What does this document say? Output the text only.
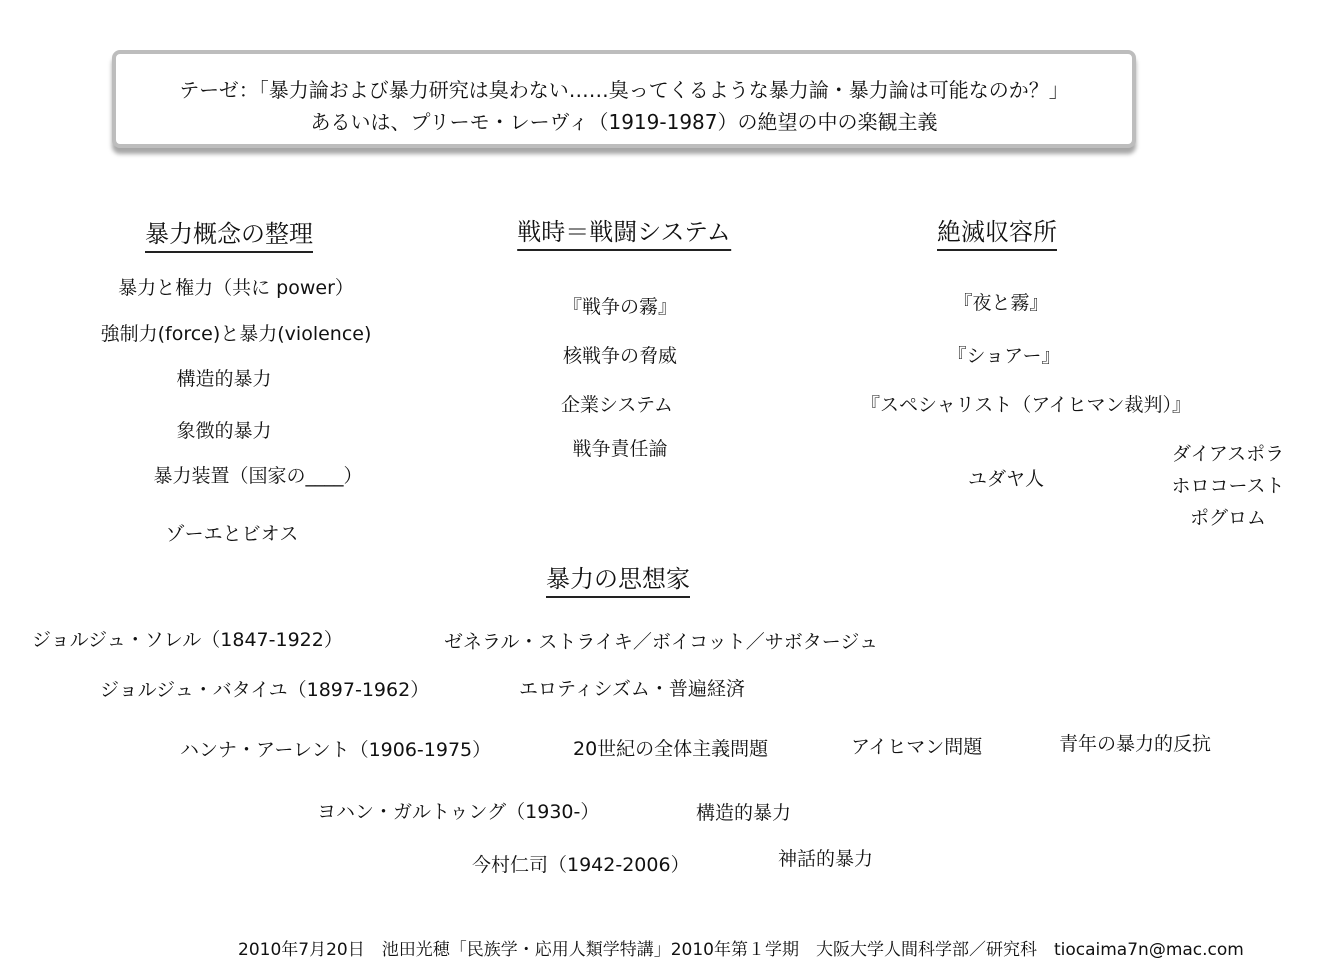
テーゼ：「暴力論および暴力研究は臭わない……臭ってくるような暴力論・暴力論は可能なのか？」
あるいは、プリーモ・レーヴィ（1919-1987）の絶望の中の楽観主義
暴力概念の整理
暴力と権力（共に power）
強制力(force)と暴力(violence)
構造的暴力
象徴的暴力
暴力装置（国家の____）
ゾーエとビオス
戦時＝戦闘システム
『戦争の霧』
核戦争の脅威
企業システム
戦争責任論
絶滅収容所
『夜と霧』
『ショアー』
『スペシャリスト（アイヒマン裁判）』
ユダヤ人
ダイアスポラ
ホロコースト
ポグロム
暴力の思想家
ジョルジュ・ソレル（1847-1922）	ゼネラル・ストライキ／ボイコット／サボタージュ
ジョルジュ・バタイユ（1897-1962）	エロティシズム・普遍経済
ハンナ・アーレント（1906-1975）	20世紀の全体主義問題	アイヒマン問題	青年の暴力的反抗
ヨハン・ガルトゥング（1930-）	構造的暴力
今村仁司（1942-2006）	神話的暴力
2010年7月20日　池田光穂「民族学・応用人類学特講」2010年第１学期　大阪大学人間科学部／研究科　tiocaima7n@mac.com
